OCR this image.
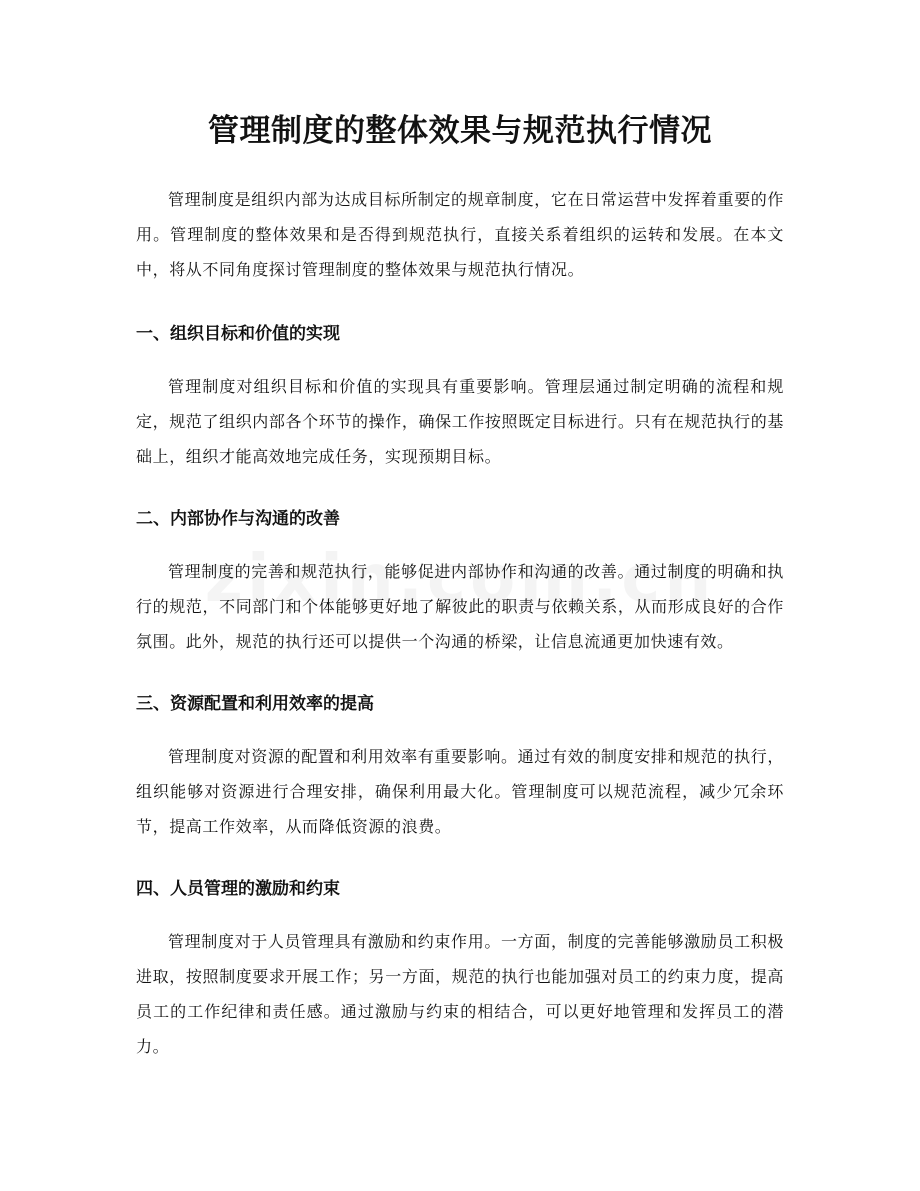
管理制度的整体效果与规范执行情况

管理制度是组织内部为达成目标所制定的规章制度，它在日常运营中发挥着重要的作用。管理制度的整体效果和是否得到规范执行，直接关系着组织的运转和发展。在本文中，将从不同角度探讨管理制度的整体效果与规范执行情况。

一、组织目标和价值的实现

管理制度对组织目标和价值的实现具有重要影响。管理层通过制定明确的流程和规定，规范了组织内部各个环节的操作，确保工作按照既定目标进行。只有在规范执行的基础上，组织才能高效地完成任务，实现预期目标。

二、内部协作与沟通的改善

管理制度的完善和规范执行，能够促进内部协作和沟通的改善。通过制度的明确和执行的规范，不同部门和个体能够更好地了解彼此的职责与依赖关系，从而形成良好的合作氛围。此外，规范的执行还可以提供一个沟通的桥梁，让信息流通更加快速有效。

三、资源配置和利用效率的提高

管理制度对资源的配置和利用效率有重要影响。通过有效的制度安排和规范的执行，组织能够对资源进行合理安排，确保利用最大化。管理制度可以规范流程，减少冗余环节，提高工作效率，从而降低资源的浪费。

四、人员管理的激励和约束

管理制度对于人员管理具有激励和约束作用。一方面，制度的完善能够激励员工积极进取，按照制度要求开展工作；另一方面，规范的执行也能加强对员工的约束力度，提高员工的工作纪律和责任感。通过激励与约束的相结合，可以更好地管理和发挥员工的潜力。
